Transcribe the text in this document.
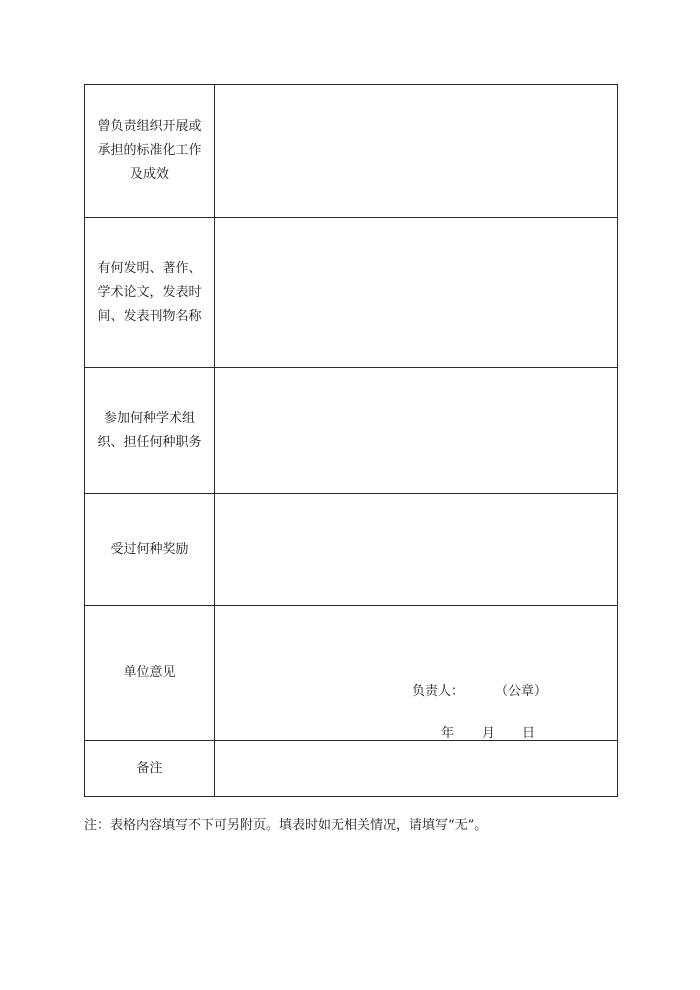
曾负责组织开展或承担的标准化工作及成效	
有何发明、著作、学术论文，发表时间、发表刊物名称	
参加何种学术组织、担任何种职务	
受过何种奖励	
单位意见	负责人： （公章）
年 月 日

备注	
注：表格内容填写不下可另附页。填表时如无相关情况，请填写“无”。
